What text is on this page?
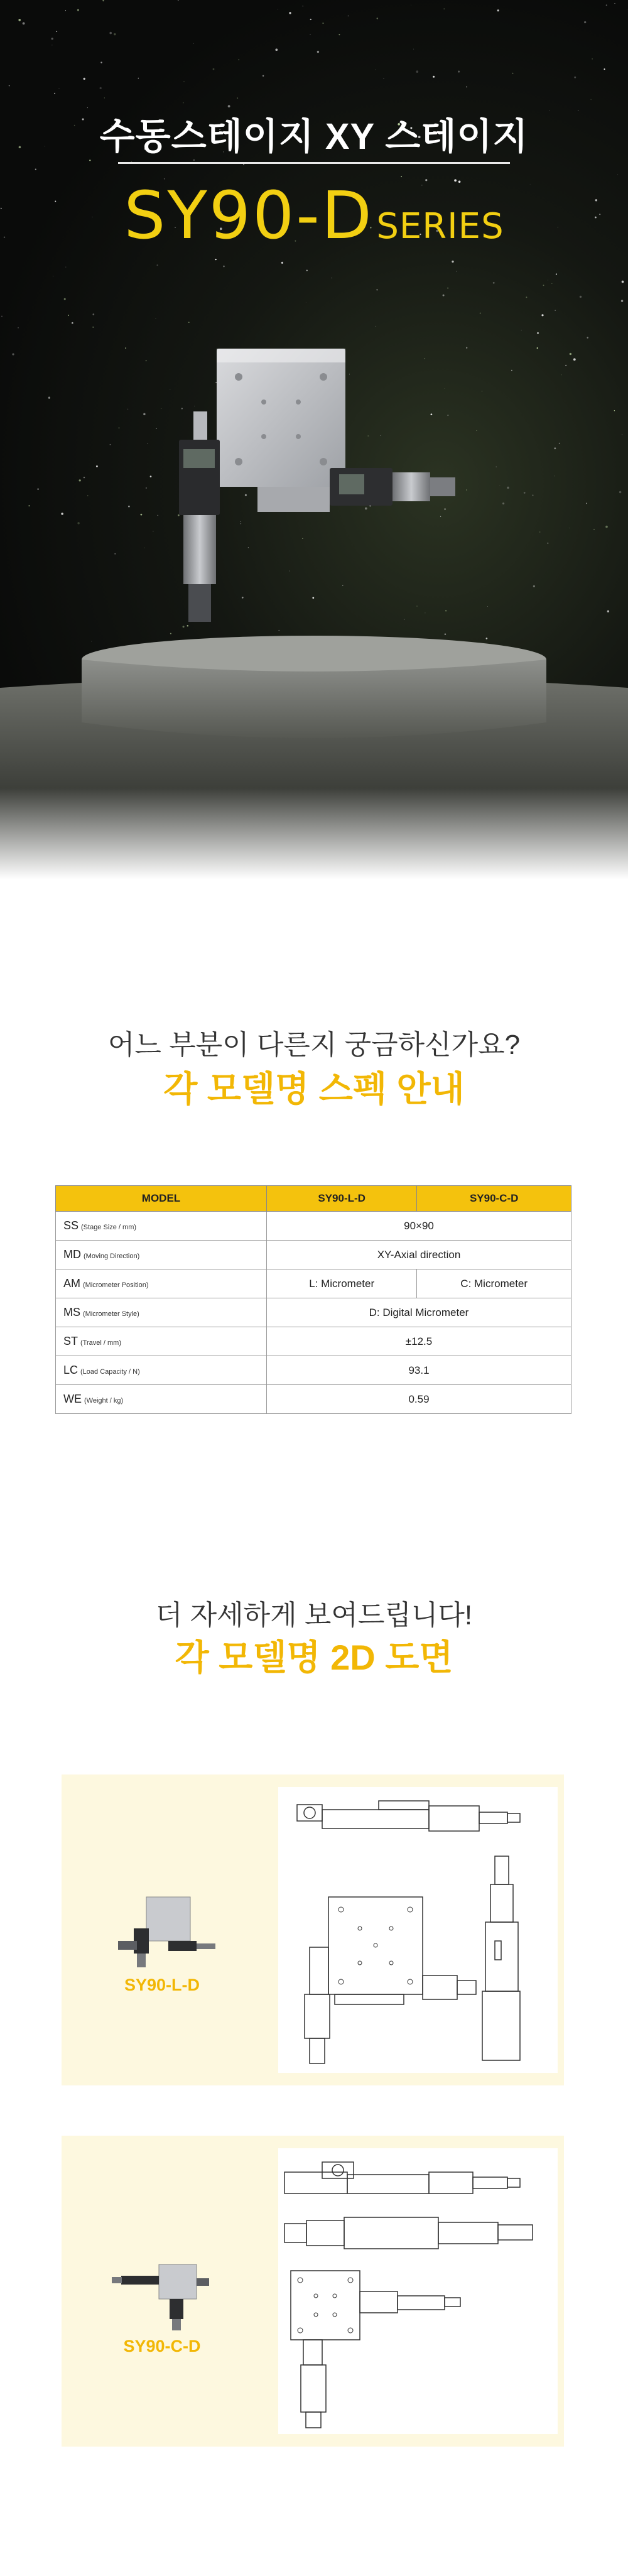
수동스테이지 XY 스테이지
SY90-D SERIES
어느 부분이 다른지 궁금하신가요?
각 모델명 스펙 안내
MODEL	SY90-L-D	SY90-C-D
SS (Stage Size / mm)	90×90	
MD (Moving Direction)	XY-Axial direction	
AM (Micrometer Position)	L: Micrometer	C: Micrometer
MS (Micrometer Style)	D: Digital Micrometer	
ST (Travel / mm)	±12.5	
LC (Load Capacity / N)	93.1	
WE (Weight / kg)	0.59	
더 자세하게 보여드립니다!
각 모델명 2D 도면
SY90-L-D
SY90-C-D
